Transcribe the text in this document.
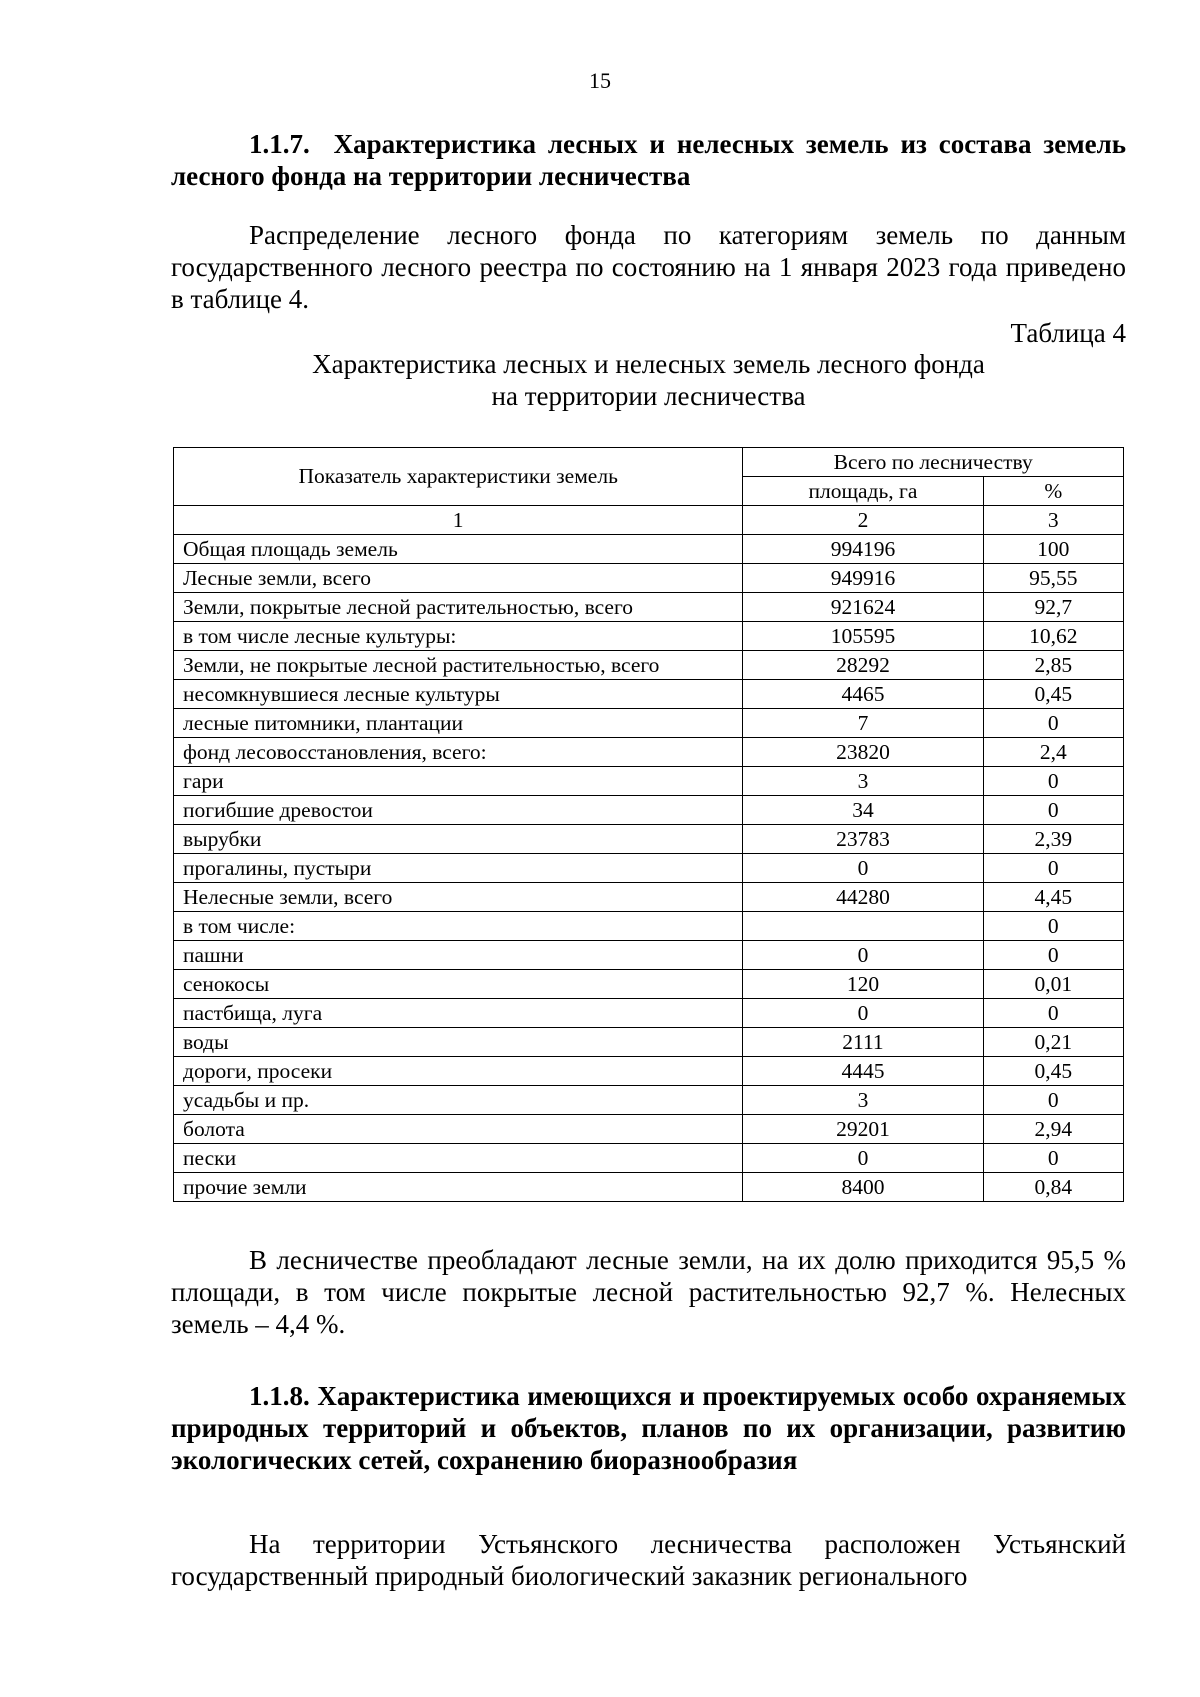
15
1.1.7. Характеристика лесных и нелесных земель из состава земель лесного фонда на территории лесничества
Распределение лесного фонда по категориям земель по данным государственного лесного реестра по состоянию на 1 января 2023 года приведено в таблице 4.
Таблица 4
Характеристика лесных и нелесных земель лесного фонда
на территории лесничества
Показатель характеристики земель	Всего по лесничеству	
	площадь, га	%
1	2	3
Общая площадь земель	994196	100
Лесные земли, всего	949916	95,55
Земли, покрытые лесной растительностью, всего	921624	92,7
в том числе лесные культуры:	105595	10,62
Земли, не покрытые лесной растительностью, всего	28292	2,85
несомкнувшиеся лесные культуры	4465	0,45
лесные питомники, плантации	7	0
фонд лесовосстановления, всего:	23820	2,4
гари	3	0
погибшие древостои	34	0
вырубки	23783	2,39
прогалины, пустыри	0	0
Нелесные земли, всего	44280	4,45
в том числе:		0
пашни	0	0
сенокосы	120	0,01
пастбища, луга	0	0
воды	2111	0,21
дороги, просеки	4445	0,45
усадьбы и пр.	3	0
болота	29201	2,94
пески	0	0
прочие земли	8400	0,84
В лесничестве преобладают лесные земли, на их долю приходится 95,5 % площади, в том числе покрытые лесной растительностью 92,7 %. Нелесных земель – 4,4 %.
1.1.8. Характеристика имеющихся и проектируемых особо охраняемых природных территорий и объектов, планов по их организации, развитию экологических сетей, сохранению биоразнообразия
На территории Устьянского лесничества расположен Устьянский государственный природный биологический заказник регионального
